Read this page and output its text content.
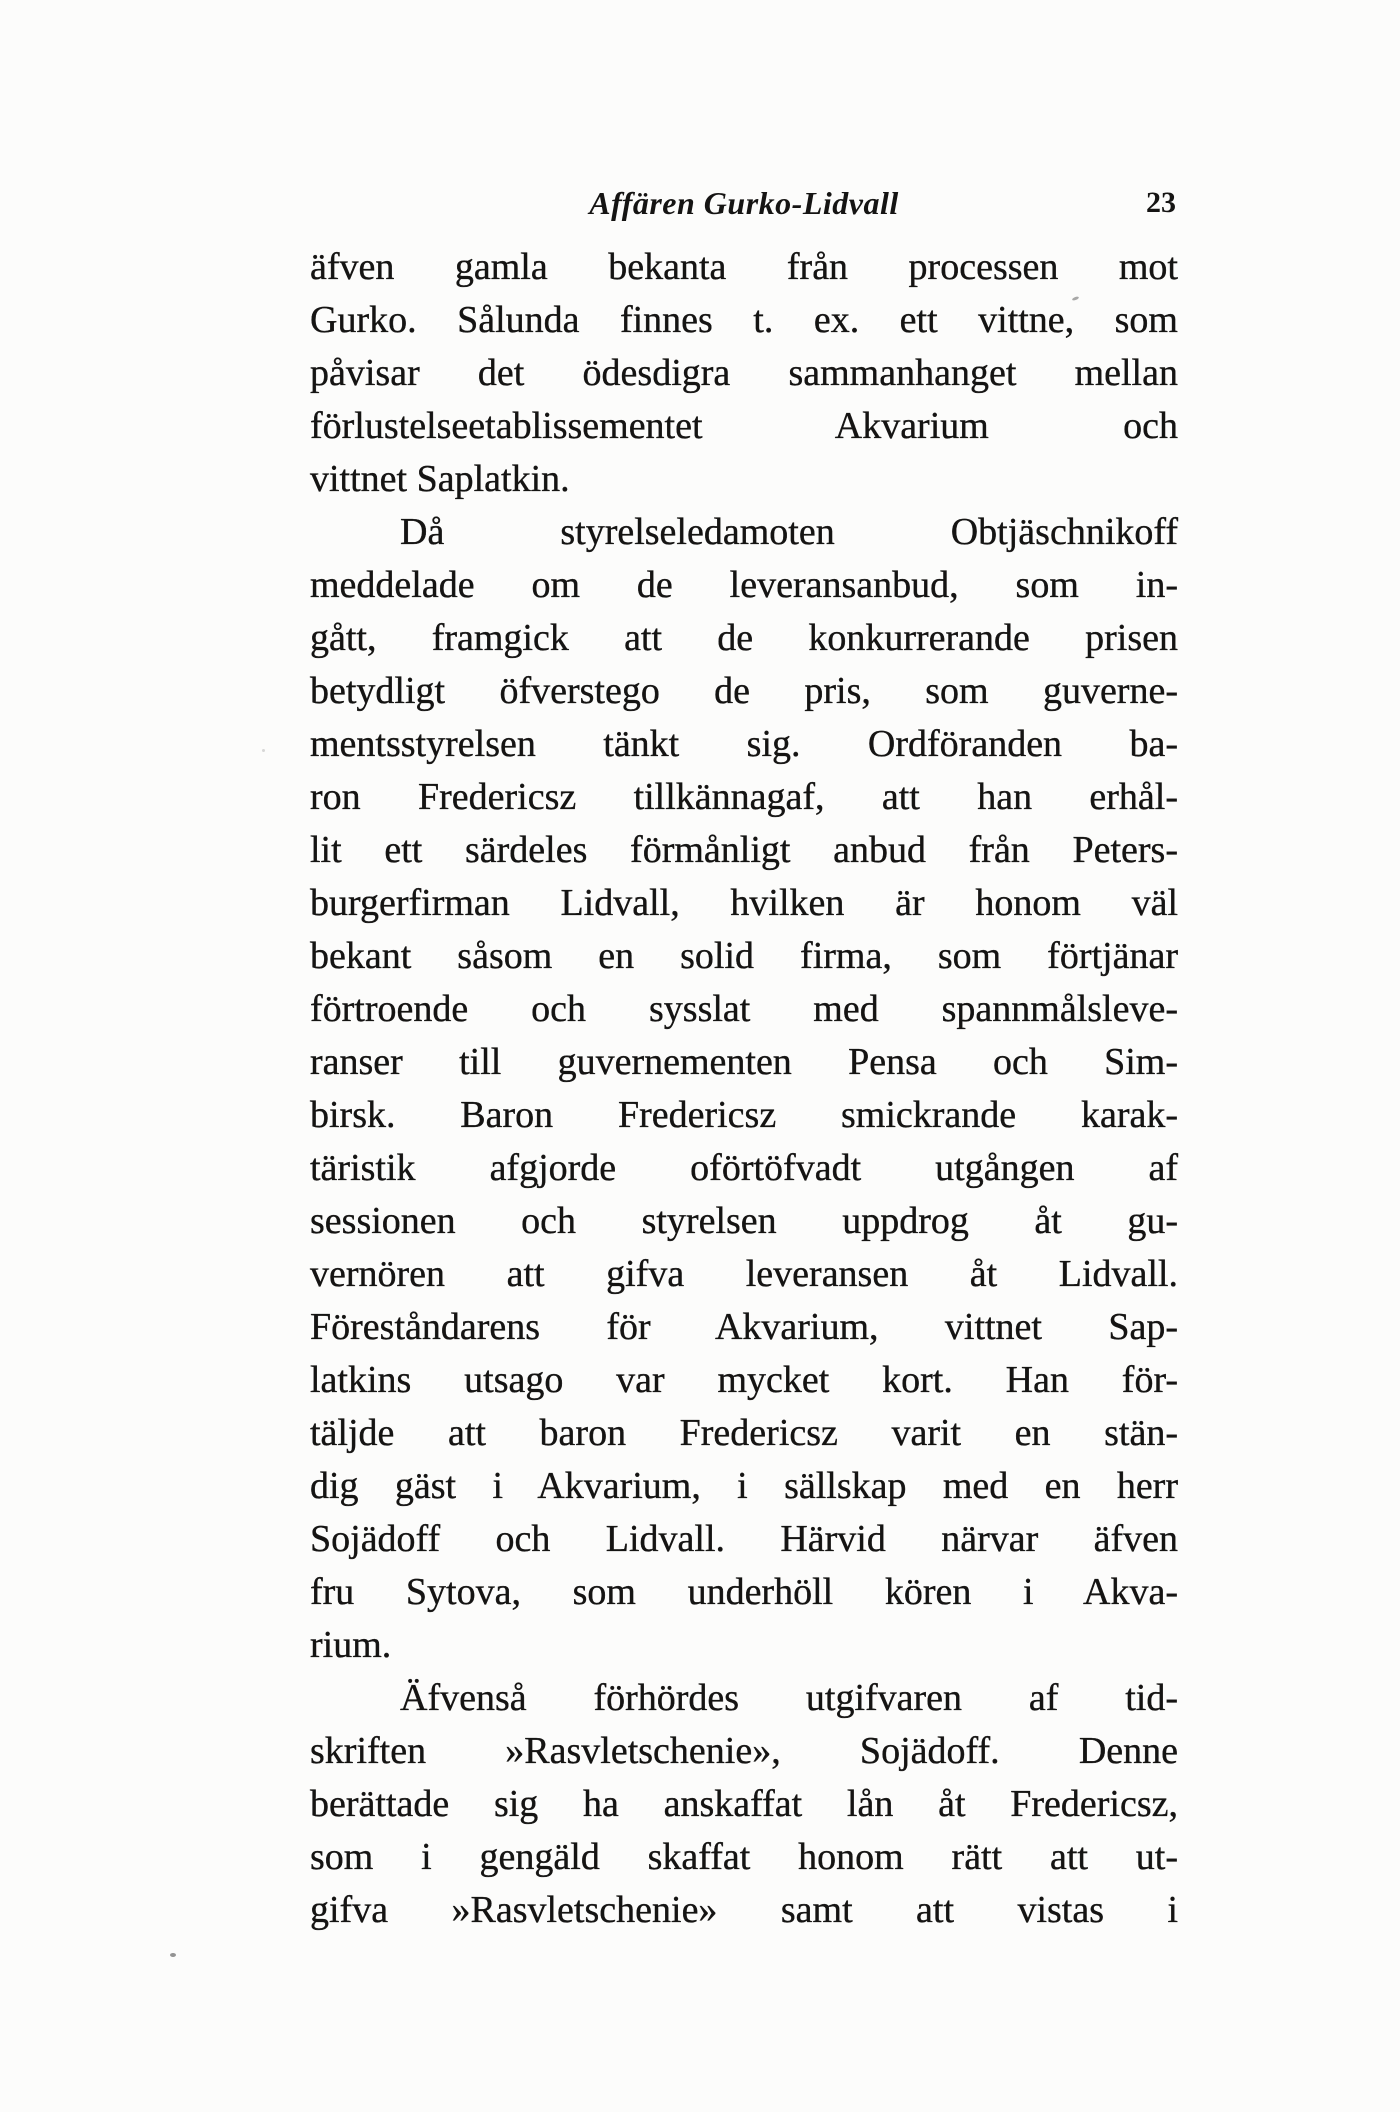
Affären Gurko-Lidvall	23
äfven gamla bekanta från processen mot
Gurko. Sålunda finnes t. ex. ett vittne, som
påvisar det ödesdigra sammanhanget mellan
förlustelseetablissementet Akvarium och
vittnet Saplatkin.
Då styrelseledamoten Obtjäschnikoff
meddelade om de leveransanbud, som in-
gått, framgick att de konkurrerande prisen
betydligt öfverstego de pris, som guverne-
mentsstyrelsen tänkt sig. Ordföranden ba-
ron Fredericsz tillkännagaf, att han erhål-
lit ett särdeles förmånligt anbud från Peters-
burgerfirman Lidvall, hvilken är honom väl
bekant såsom en solid firma, som förtjänar
förtroende och sysslat med spannmålsleve-
ranser till guvernementen Pensa och Sim-
birsk. Baron Fredericsz smickrande karak-
täristik afgjorde oförtöfvadt utgången af
sessionen och styrelsen uppdrog åt gu-
vernören att gifva leveransen åt Lidvall.
Föreståndarens för Akvarium, vittnet Sap-
latkins utsago var mycket kort. Han för-
täljde att baron Fredericsz varit en stän-
dig gäst i Akvarium, i sällskap med en herr
Sojädoff och Lidvall. Härvid närvar äfven
fru Sytova, som underhöll kören i Akva-
rium.
Äfvenså förhördes utgifvaren af tid-
skriften »Rasvletschenie», Sojädoff. Denne
berättade sig ha anskaffat lån åt Fredericsz,
som i gengäld skaffat honom rätt att ut-
gifva »Rasvletschenie» samt att vistas i
